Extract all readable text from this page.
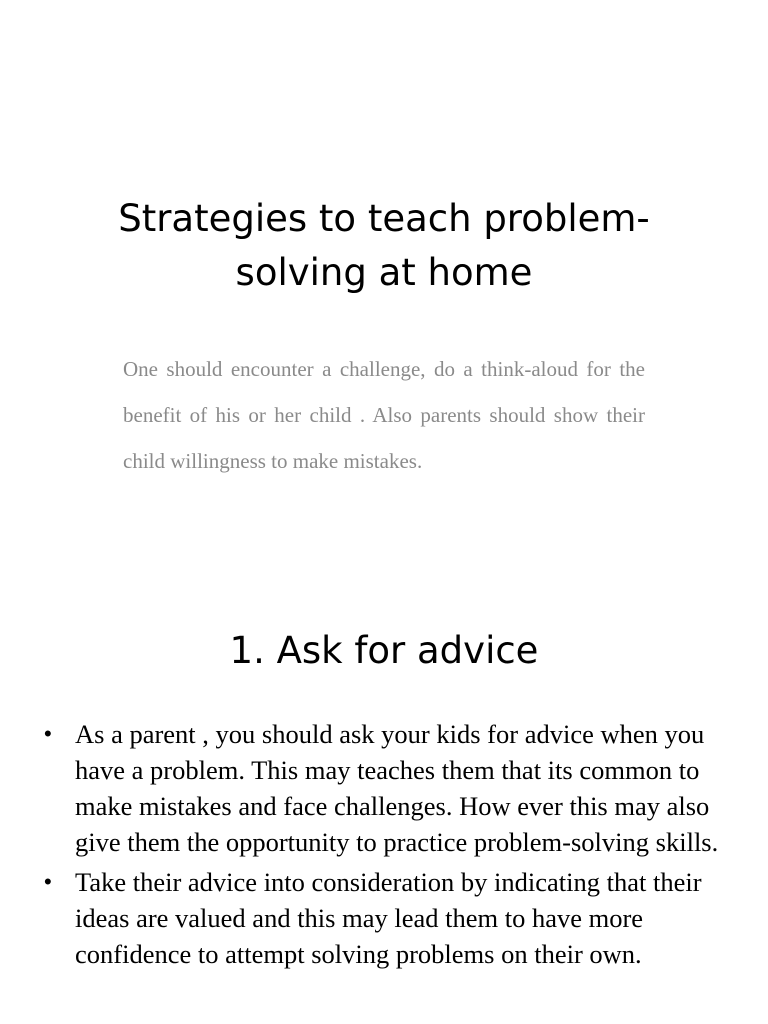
Strategies to teach problem-solving at home

One should encounter a challenge, do a think-aloud for the benefit of his or her child . Also parents should show their child willingness to make mistakes.

1. Ask for advice
• As a parent , you should ask your kids for advice when you have a problem. This may teaches them that its common to make mistakes and face challenges. How ever this may also give them the opportunity to practice problem-solving skills.
• Take their advice into consideration by indicating that their ideas are valued and this may lead them to have more confidence to attempt solving problems on their own.
